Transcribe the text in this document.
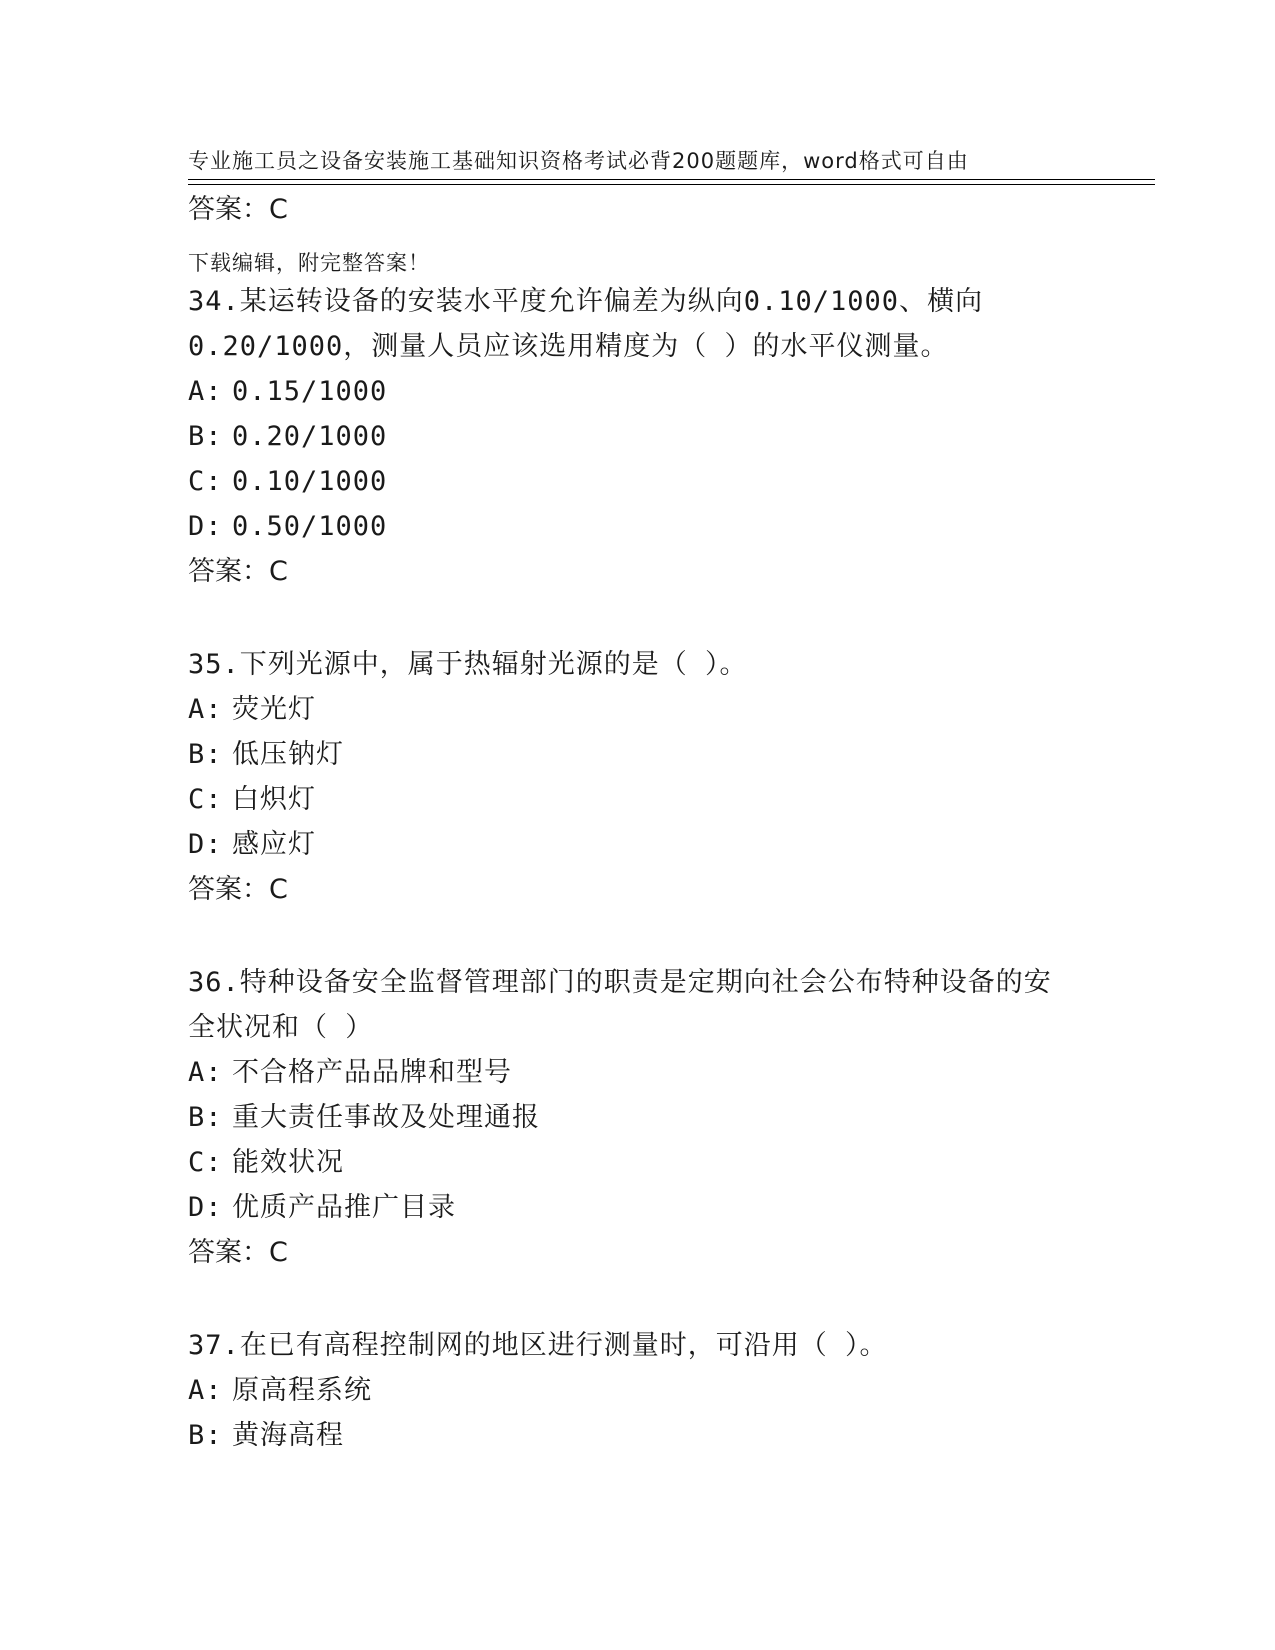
专业施工员之设备安装施工基础知识资格考试必背200题题库，word格式可自由

下载编辑，附完整答案！

答案：C
34.某运转设备的安装水平度允许偏差为纵向0.10/1000、横向
0.20/1000，测量人员应该选用精度为（ ）的水平仪测量。
A: 0.15/1000
B: 0.20/1000
C: 0.10/1000
D: 0.50/1000
答案：C
35.下列光源中，属于热辐射光源的是（ ）。
A: 荧光灯
B: 低压钠灯
C: 白炽灯
D: 感应灯
答案：C
36.特种设备安全监督管理部门的职责是定期向社会公布特种设备的安
全状况和（ ）
A: 不合格产品品牌和型号
B: 重大责任事故及处理通报
C: 能效状况
D: 优质产品推广目录
答案：C
37.在已有高程控制网的地区进行测量时，可沿用（ ）。
A: 原高程系统
B: 黄海高程
